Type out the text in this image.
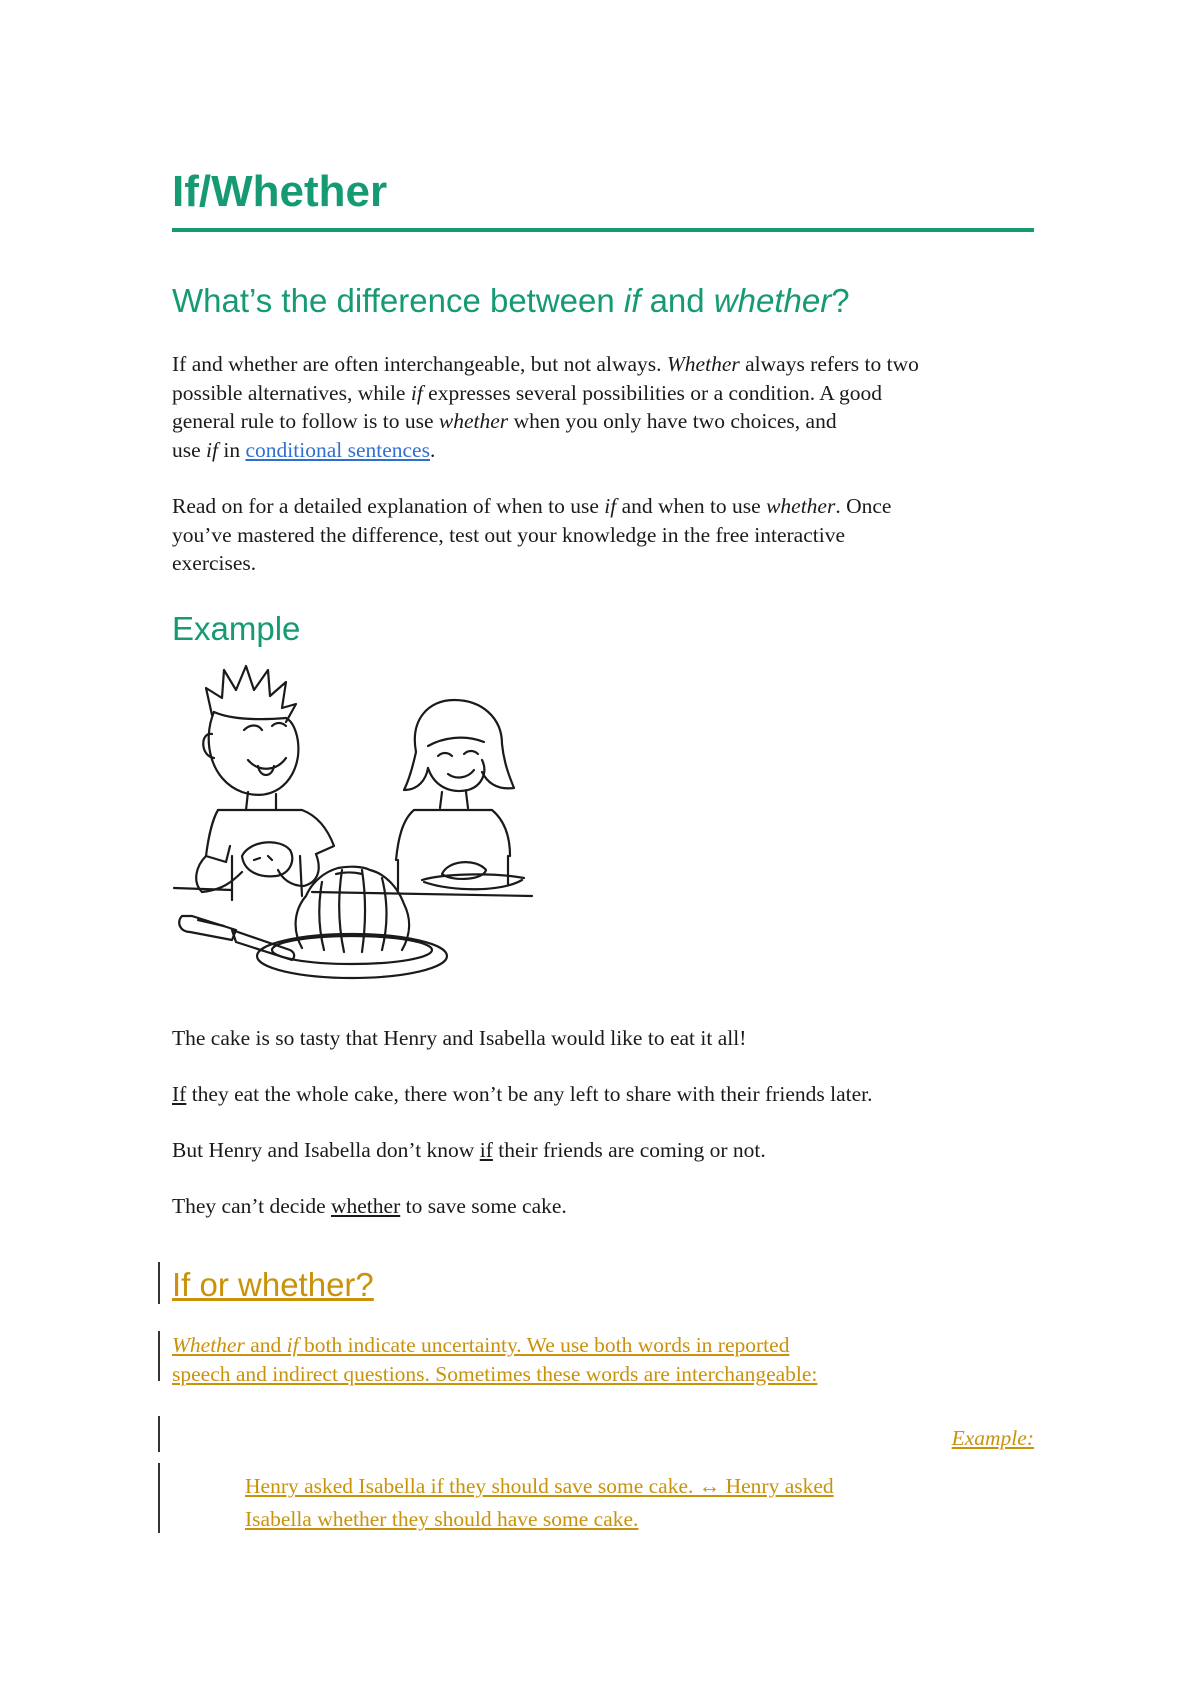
If/Whether
What’s the difference between if and whether?
If and whether are often interchangeable, but not always. Whether always refers to two
possible alternatives, while if expresses several possibilities or a condition. A good
general rule to follow is to use whether when you only have two choices, and
use if in conditional sentences.
Read on for a detailed explanation of when to use if and when to use whether. Once
you’ve mastered the difference, test out your knowledge in the free interactive
exercises.
Example
The cake is so tasty that Henry and Isabella would like to eat it all!
If they eat the whole cake, there won’t be any left to share with their friends later.
But Henry and Isabella don’t know if their friends are coming or not.
They can’t decide whether to save some cake.
If or whether?
Whether and if both indicate uncertainty. We use both words in reported
speech and indirect questions. Sometimes these words are interchangeable:
Example:
Henry asked Isabella if they should save some cake. ↔ Henry asked
Isabella whether they should have some cake.
